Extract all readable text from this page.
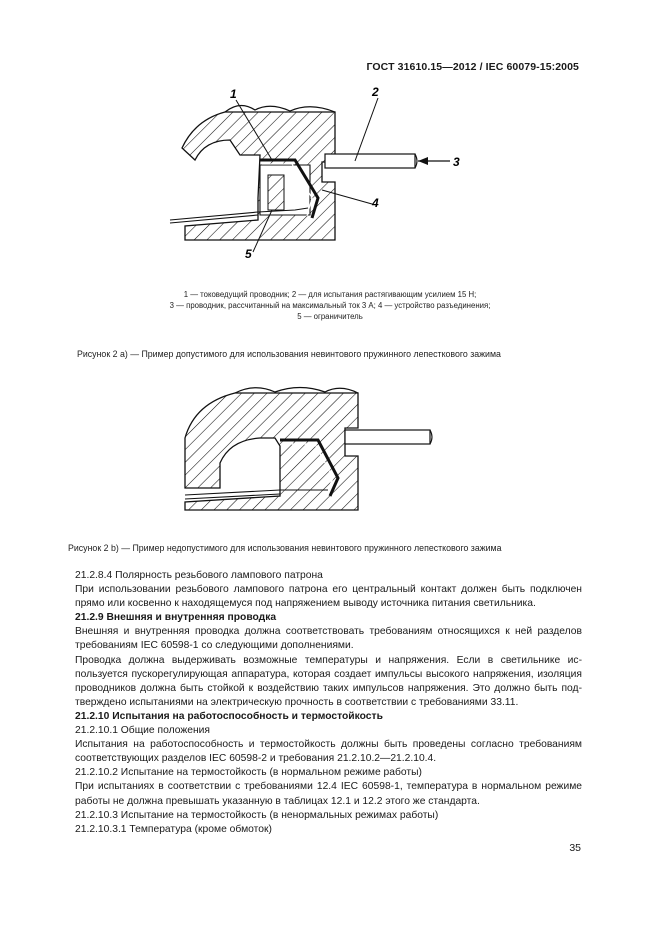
ГОСТ 31610.15—2012 / IEC 60079-15:2005
1	2
3
4
5
1 — токоведущий проводник; 2 — для испытания растягивающим усилием 15 Н;
3 — проводник, рассчитанный на максимальный ток 3 А; 4 — устройство разъединения;
5 — ограничитель
Рисунок 2 a) — Пример допустимого для использования невинтового пружинного лепесткового зажима
Рисунок 2 b) — Пример недопустимого для использования невинтового пружинного лепесткового зажима

21.2.8.4 Полярность резьбового лампового патрона

При использовании резьбового лампового патрона его центральный контакт должен быть подключен прямо или косвенно к находящемуся под напряжением выводу источника питания светильника.

21.2.9 Внешняя и внутренняя проводка

Внешняя и внутренняя проводка должна соответствовать требованиям относящихся к ней разделов требованиям IEC 60598-1 со следующими дополнениями.

Проводка должна выдерживать возможные температуры и напряжения. Если в светильнике используется пускорегулирующая аппаратура, которая создает импульсы высокого напряжения, изоляция проводников должна быть стойкой к воздействию таких импульсов напряжения. Это должно быть подтверждено испытаниями на электрическую прочность в соответствии с требованиями 33.11.

21.2.10 Испытания на работоспособность и термостойкость

21.2.10.1 Общие положения

Испытания на работоспособность и термостойкость должны быть проведены согласно требованиям соответствующих разделов IEC 60598-2 и требования 21.2.10.2—21.2.10.4.

21.2.10.2 Испытание на термостойкость (в нормальном режиме работы)

При испытаниях в соответствии с требованиями 12.4 IEC 60598-1, температура в нормальном режиме работы не должна превышать указанную в таблицах 12.1 и 12.2 этого же стандарта.

21.2.10.3 Испытание на термостойкость (в ненормальных режимах работы)

21.2.10.3.1 Температура (кроме обмоток)

35
